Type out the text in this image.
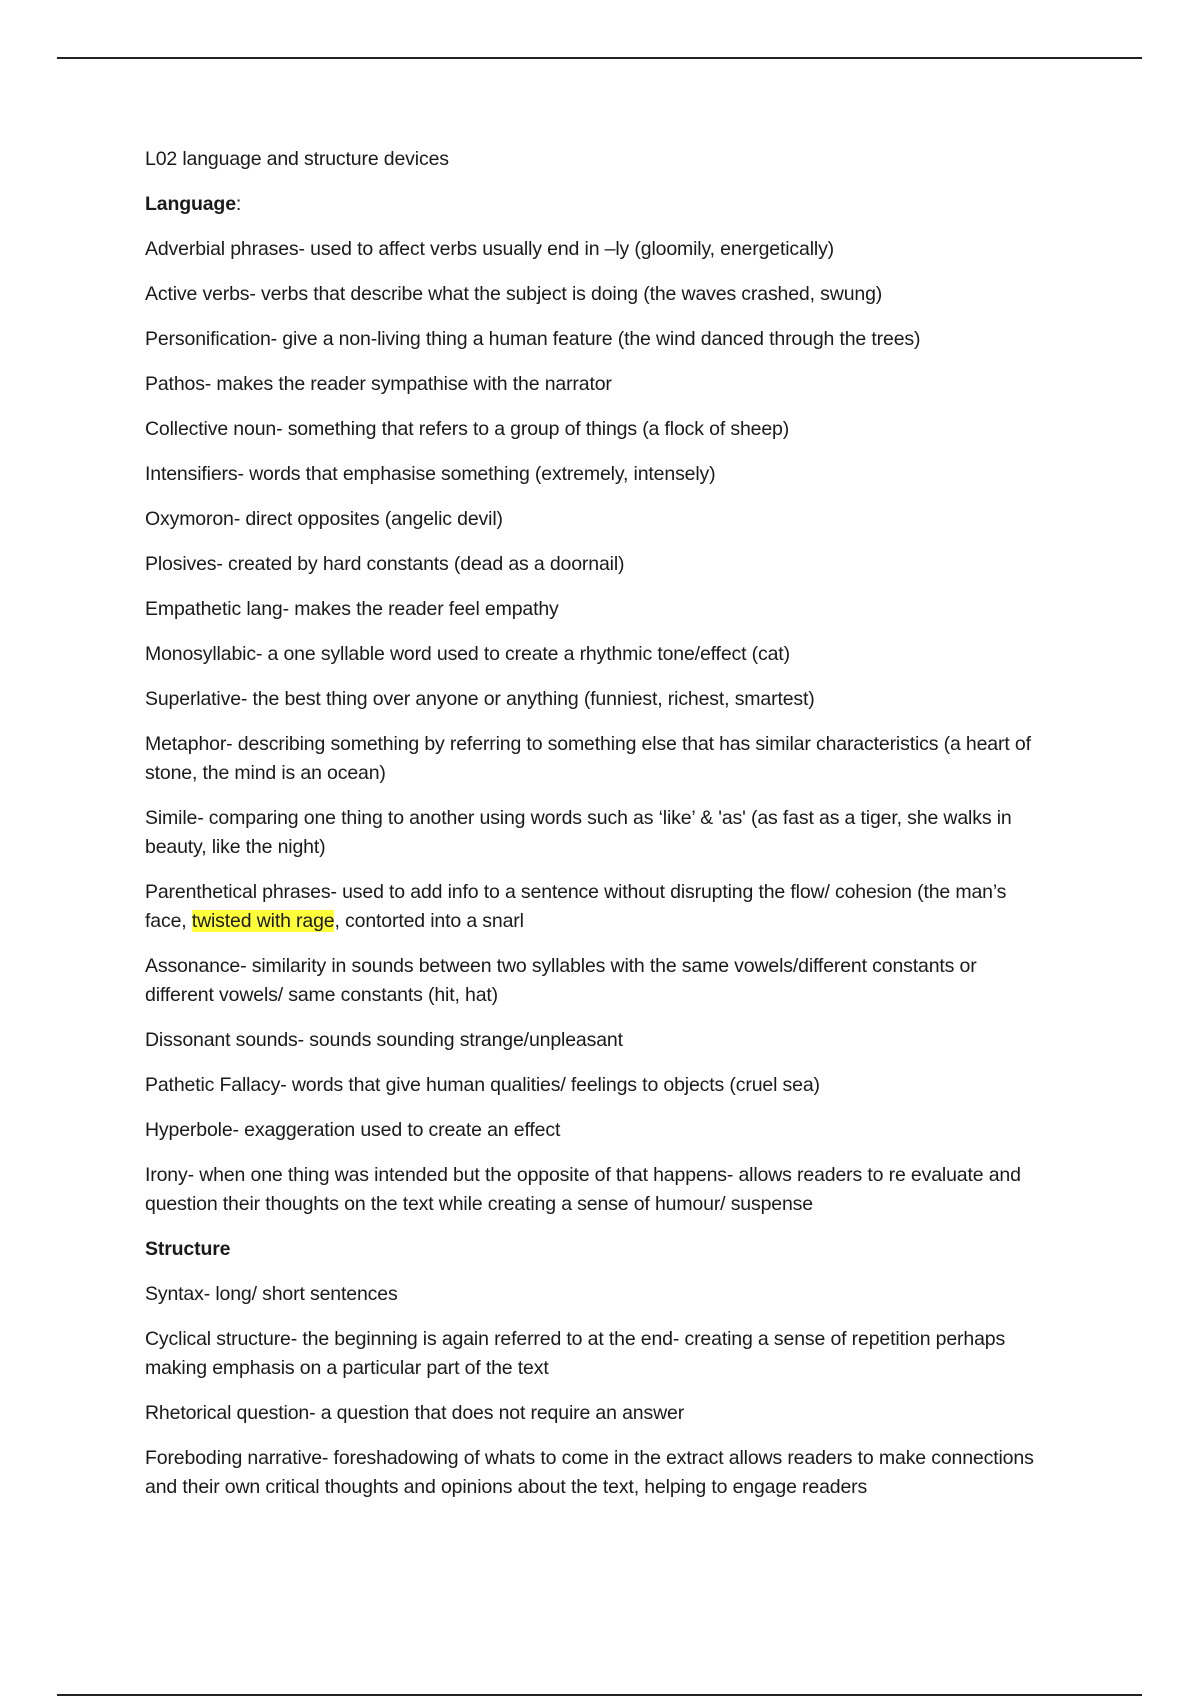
L02 language and structure devices

Language:

Adverbial phrases- used to affect verbs usually end in –ly (gloomily, energetically)

Active verbs- verbs that describe what the subject is doing (the waves crashed, swung)

Personification- give a non-living thing a human feature (the wind danced through the trees)

Pathos- makes the reader sympathise with the narrator

Collective noun- something that refers to a group of things (a flock of sheep)

Intensifiers- words that emphasise something (extremely, intensely)

Oxymoron- direct opposites (angelic devil)

Plosives- created by hard constants (dead as a doornail)

Empathetic lang- makes the reader feel empathy

Monosyllabic- a one syllable word used to create a rhythmic tone/effect (cat)

Superlative- the best thing over anyone or anything (funniest, richest, smartest)

Metaphor- describing something by referring to something else that has similar characteristics (a heart of stone, the mind is an ocean)

Simile- comparing one thing to another using words such as ‘like’ & 'as' (as fast as a tiger, she walks in beauty, like the night)

Parenthetical phrases- used to add info to a sentence without disrupting the flow/ cohesion (the man’s face, twisted with rage, contorted into a snarl

Assonance- similarity in sounds between two syllables with the same vowels/different constants or different vowels/ same constants (hit, hat)

Dissonant sounds- sounds sounding strange/unpleasant

Pathetic Fallacy- words that give human qualities/ feelings to objects (cruel sea)

Hyperbole- exaggeration used to create an effect

Irony- when one thing was intended but the opposite of that happens- allows readers to re evaluate and question their thoughts on the text while creating a sense of humour/ suspense

Structure

Syntax- long/ short sentences

Cyclical structure- the beginning is again referred to at the end- creating a sense of repetition perhaps making emphasis on a particular part of the text

Rhetorical question- a question that does not require an answer

Foreboding narrative- foreshadowing of whats to come in the extract allows readers to make connections and their own critical thoughts and opinions about the text, helping to engage readers
